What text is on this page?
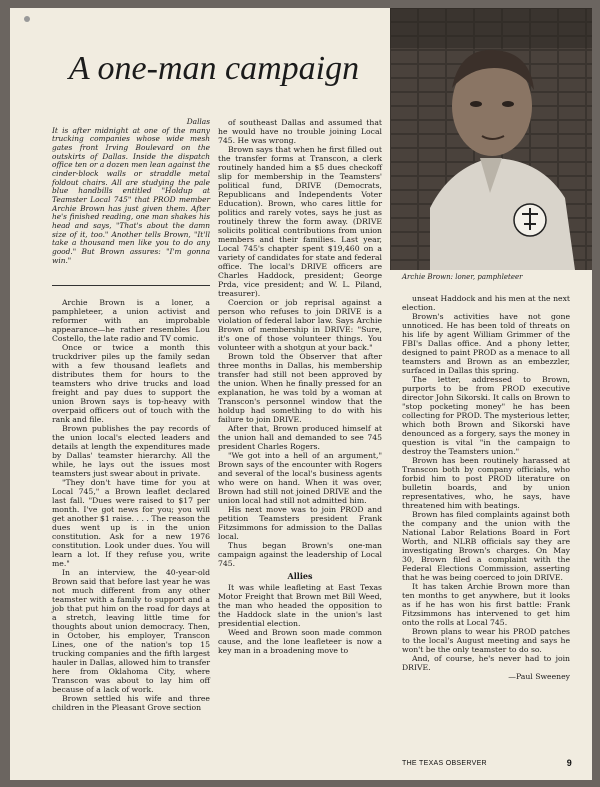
A one-man campaign
Dallas
It is after midnight at one of the many trucking companies whose wide mesh gates front Irving Boulevard on the outskirts of Dallas. Inside the dispatch office ten or a dozen men lean against the cinder-block walls or straddle metal foldout chairs. All are studying the pale blue handbills entitled "Holdup at Teamster Local 745" that PROD member Archie Brown has just given them. After he's finished reading, one man shakes his head and says, "That's about the damn size of it, too." Another tells Brown, "It'll take a thousand men like you to do any good." But Brown assures: "I'm gonna win."

Archie Brown is a loner, a pamphleteer, a union activist and reformer with an improbable appearance—he rather resembles Lou Costello, the late radio and TV comic.

Once or twice a month this truckdriver piles up the family sedan with a few thousand leaflets and distributes them for hours to the teamsters who drive trucks and load freight and pay dues to support the union Brown says is top-heavy with overpaid officers out of touch with the rank and file.

Brown publishes the pay records of the union local's elected leaders and details at length the expenditures made by Dallas' teamster hierarchy. All the while, he lays out the issues most teamsters just swear about in private.

"They don't have time for you at Local 745," a Brown leaflet declared last fall. "Dues were raised to $17 per month. I've got news for you; you will get another $1 raise. . . . The reason the dues went up is in the union constitution. Ask for a new 1976 constitution. Look under dues. You will learn a lot. If they refuse you, write me."

In an interview, the 40-year-old Brown said that before last year he was not much different from any other teamster with a family to support and a job that put him on the road for days at a stretch, leaving little time for thoughts about union democracy. Then, in October, his employer, Transcon Lines, one of the nation's top 15 trucking companies and the fifth largest hauler in Dallas, allowed him to transfer here from Oklahoma City, where Transcon was about to lay him off because of a lack of work.

Brown settled his wife and three children in the Pleasant Grove section

of southeast Dallas and assumed that he would have no trouble joining Local 745. He was wrong.

Brown says that when he first filled out the transfer forms at Transcon, a clerk routinely handed him a $5 dues checkoff slip for membership in the Teamsters' political fund, DRIVE (Democrats, Republicans and Independents Voter Education). Brown, who cares little for politics and rarely votes, says he just as routinely threw the form away. (DRIVE solicits political contributions from union members and their families. Last year, Local 745's chapter spent $19,460 on a variety of candidates for state and federal office. The local's DRIVE officers are Charles Haddock, president; George Prda, vice president; and W. L. Piland, treasurer).

Coercion or job reprisal against a person who refuses to join DRIVE is a violation of federal labor law. Says Archie Brown of membership in DRIVE: "Sure, it's one of those volunteer things. You volunteer with a shotgun at your back."

Brown told the Observer that after three months in Dallas, his membership transfer had still not been approved by the union. When he finally pressed for an explanation, he was told by a woman at Transcon's personnel window that the holdup had something to do with his failure to join DRIVE.

After that, Brown produced himself at the union hall and demanded to see 745 president Charles Rogers.

"We got into a hell of an argument," Brown says of the encounter with Rogers and several of the local's business agents who were on hand. When it was over, Brown had still not joined DRIVE and the union local had still not admitted him.

His next move was to join PROD and petition Teamsters president Frank Fitzsimmons for admission to the Dallas local.

Thus began Brown's one-man campaign against the leadership of Local 745.

Allies

It was while leafleting at East Texas Motor Freight that Brown met Bill Weed, the man who headed the opposition to the Haddock slate in the union's last presidential election.

Weed and Brown soon made common cause, and the lone leafleteer is now a key man in a broadening move to

Archie Brown: loner, pamphleteer

unseat Haddock and his men at the next election.

Brown's activities have not gone unnoticed. He has been told of threats on his life by agent William Grimmer of the FBI's Dallas office. And a phony letter, designed to paint PROD as a menace to all teamsters and Brown as an embezzler, surfaced in Dallas this spring.

The letter, addressed to Brown, purports to be from PROD executive director John Sikorski. It calls on Brown to "stop pocketing money" he has been collecting for PROD. The mysterious letter, which both Brown and Sikorski have denounced as a forgery, says the money in question is vital "in the campaign to destroy the Teamsters union."

Brown has been routinely harassed at Transcon both by company officials, who forbid him to post PROD literature on bulletin boards, and by union representatives, who, he says, have threatened him with beatings.

Brown has filed complaints against both the company and the union with the National Labor Relations Board in Fort Worth, and NLRB officials say they are investigating Brown's charges. On May 30, Brown filed a complaint with the Federal Elections Commission, asserting that he was being coerced to join DRIVE.

It has taken Archie Brown more than ten months to get anywhere, but it looks as if he has won his first battle: Frank Fitzsimmons has intervened to get him onto the rolls at Local 745.

Brown plans to wear his PROD patches to the local's August meeting and says he won't be the only teamster to do so.

And, of course, he's never had to join DRIVE.

—Paul Sweeney

THE TEXAS OBSERVER	9
